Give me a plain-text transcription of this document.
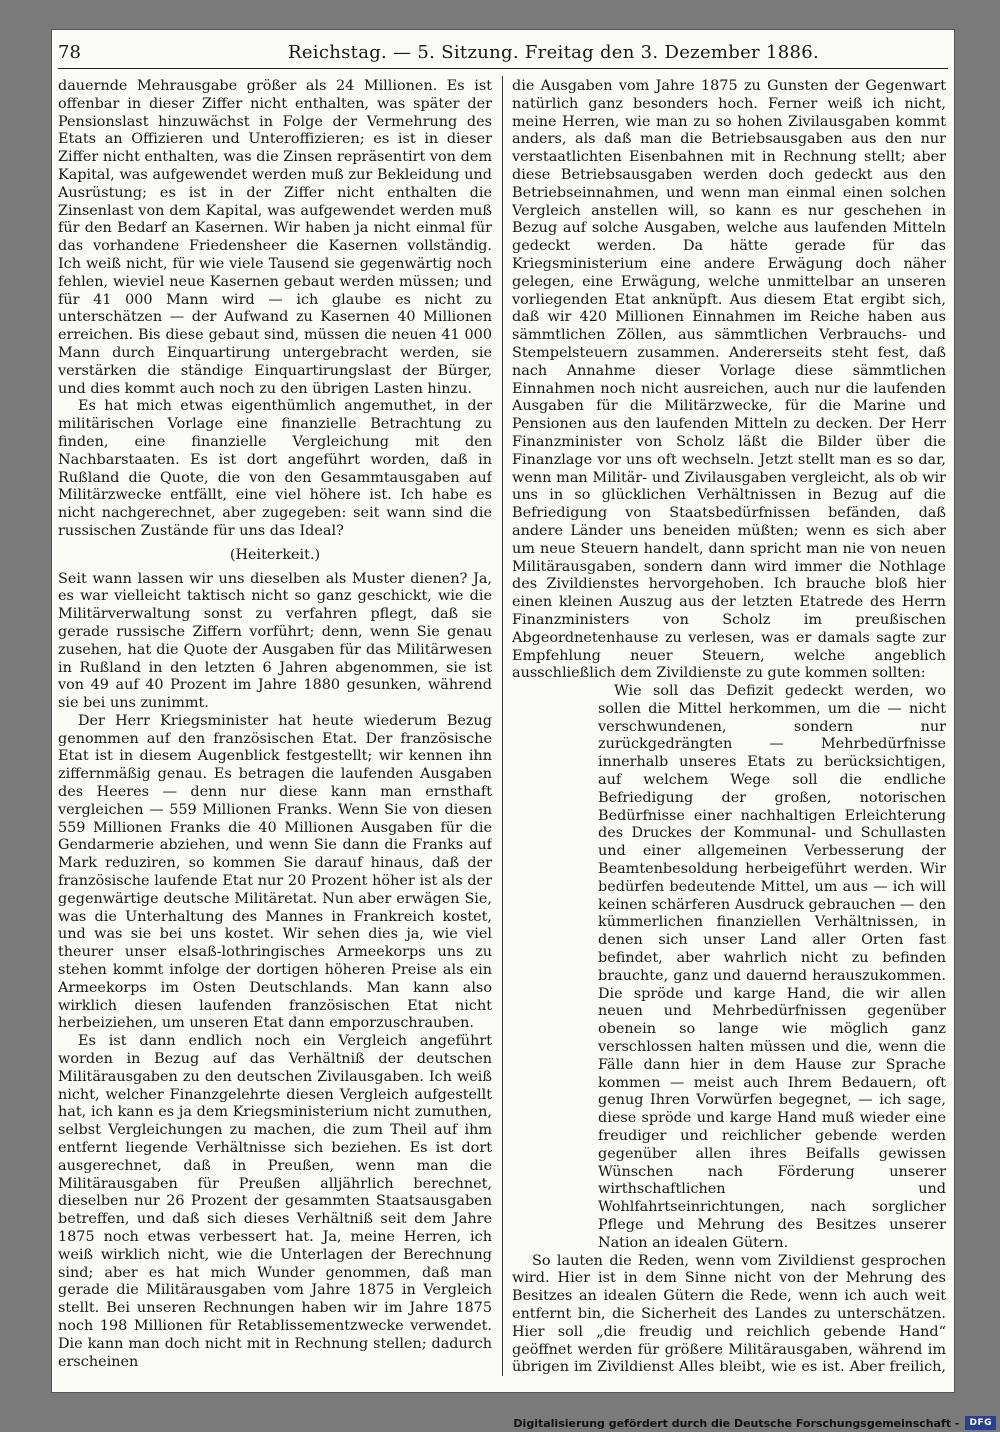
78	Reichstag. — 5. Sitzung. Freitag den 3. Dezember 1886.

dauernde Mehrausgabe größer als 24 Millionen. Es ist offenbar in dieser Ziffer nicht enthalten, was später der Pensionslast hinzuwächst in Folge der Vermehrung des Etats an Offizieren und Unteroffizieren; es ist in dieser Ziffer nicht enthalten, was die Zinsen repräsentirt von dem Kapital, was aufgewendet werden muß zur Bekleidung und Ausrüstung; es ist in der Ziffer nicht enthalten die Zinsenlast von dem Kapital, was aufgewendet werden muß für den Bedarf an Kasernen. Wir haben ja nicht einmal für das vorhandene Friedensheer die Kasernen vollständig. Ich weiß nicht, für wie viele Tausend sie gegenwärtig noch fehlen, wieviel neue Kasernen gebaut werden müssen; und für 41 000 Mann wird — ich glaube es nicht zu unterschätzen — der Aufwand zu Kasernen 40 Millionen erreichen. Bis diese gebaut sind, müssen die neuen 41 000 Mann durch Einquartirung untergebracht werden, sie verstärken die ständige Einquartirungslast der Bürger, und dies kommt auch noch zu den übrigen Lasten hinzu.

Es hat mich etwas eigenthümlich angemuthet, in der militärischen Vorlage eine finanzielle Betrachtung zu finden, eine finanzielle Vergleichung mit den Nachbarstaaten. Es ist dort angeführt worden, daß in Rußland die Quote, die von den Gesammtausgaben auf Militärzwecke entfällt, eine viel höhere ist. Ich habe es nicht nachgerechnet, aber zugegeben: seit wann sind die russischen Zustände für uns das Ideal?

(Heiterkeit.)

Seit wann lassen wir uns dieselben als Muster dienen? Ja, es war vielleicht taktisch nicht so ganz geschickt, wie die Militärverwaltung sonst zu verfahren pflegt, daß sie gerade russische Ziffern vorführt; denn, wenn Sie genau zusehen, hat die Quote der Ausgaben für das Militärwesen in Rußland in den letzten 6 Jahren abgenommen, sie ist von 49 auf 40 Prozent im Jahre 1880 gesunken, während sie bei uns zunimmt.

Der Herr Kriegsminister hat heute wiederum Bezug genommen auf den französischen Etat. Der französische Etat ist in diesem Augenblick festgestellt; wir kennen ihn ziffernmäßig genau. Es betragen die laufenden Ausgaben des Heeres — denn nur diese kann man ernsthaft vergleichen — 559 Millionen Franks. Wenn Sie von diesen 559 Millionen Franks die 40 Millionen Ausgaben für die Gendarmerie abziehen, und wenn Sie dann die Franks auf Mark reduziren, so kommen Sie darauf hinaus, daß der französische laufende Etat nur 20 Prozent höher ist als der gegenwärtige deutsche Militäretat. Nun aber erwägen Sie, was die Unterhaltung des Mannes in Frankreich kostet, und was sie bei uns kostet. Wir sehen dies ja, wie viel theurer unser elsaß-lothringisches Armeekorps uns zu stehen kommt infolge der dortigen höheren Preise als ein Armeekorps im Osten Deutschlands. Man kann also wirklich diesen laufenden französischen Etat nicht herbeiziehen, um unseren Etat dann emporzuschrauben.

Es ist dann endlich noch ein Vergleich angeführt worden in Bezug auf das Verhältniß der deutschen Militärausgaben zu den deutschen Zivilausgaben. Ich weiß nicht, welcher Finanzgelehrte diesen Vergleich aufgestellt hat, ich kann es ja dem Kriegsministerium nicht zumuthen, selbst Vergleichungen zu machen, die zum Theil auf ihm entfernt liegende Verhältnisse sich beziehen. Es ist dort ausgerechnet, daß in Preußen, wenn man die Militärausgaben für Preußen alljährlich berechnet, dieselben nur 26 Prozent der gesammten Staatsausgaben betreffen, und daß sich dieses Verhältniß seit dem Jahre 1875 noch etwas verbessert hat. Ja, meine Herren, ich weiß wirklich nicht, wie die Unterlagen der Berechnung sind; aber es hat mich Wunder genommen, daß man gerade die Militärausgaben vom Jahre 1875 in Vergleich stellt. Bei unseren Rechnungen haben wir im Jahre 1875 noch 198 Millionen für Retablissementzwecke verwendet. Die kann man doch nicht mit in Rechnung stellen; dadurch erscheinen

die Ausgaben vom Jahre 1875 zu Gunsten der Gegenwart natürlich ganz besonders hoch. Ferner weiß ich nicht, meine Herren, wie man zu so hohen Zivilausgaben kommt anders, als daß man die Betriebsausgaben aus den nur verstaatlichten Eisenbahnen mit in Rechnung stellt; aber diese Betriebsausgaben werden doch gedeckt aus den Betriebseinnahmen, und wenn man einmal einen solchen Vergleich anstellen will, so kann es nur geschehen in Bezug auf solche Ausgaben, welche aus laufenden Mitteln gedeckt werden. Da hätte gerade für das Kriegsministerium eine andere Erwägung doch näher gelegen, eine Erwägung, welche unmittelbar an unseren vorliegenden Etat anknüpft. Aus diesem Etat ergibt sich, daß wir 420 Millionen Einnahmen im Reiche haben aus sämmtlichen Zöllen, aus sämmtlichen Verbrauchs- und Stempelsteuern zusammen. Andererseits steht fest, daß nach Annahme dieser Vorlage diese sämmtlichen Einnahmen noch nicht ausreichen, auch nur die laufenden Ausgaben für die Militärzwecke, für die Marine und Pensionen aus den laufenden Mitteln zu decken. Der Herr Finanzminister von Scholz läßt die Bilder über die Finanzlage vor uns oft wechseln. Jetzt stellt man es so dar, wenn man Militär- und Zivilausgaben vergleicht, als ob wir uns in so glücklichen Verhältnissen in Bezug auf die Befriedigung von Staatsbedürfnissen befänden, daß andere Länder uns beneiden müßten; wenn es sich aber um neue Steuern handelt, dann spricht man nie von neuen Militärausgaben, sondern dann wird immer die Nothlage des Zivildienstes hervorgehoben. Ich brauche bloß hier einen kleinen Auszug aus der letzten Etatrede des Herrn Finanzministers von Scholz im preußischen Abgeordnetenhause zu verlesen, was er damals sagte zur Empfehlung neuer Steuern, welche angeblich ausschließlich dem Zivildienste zu gute kommen sollten:

Wie soll das Defizit gedeckt werden, wo sollen die Mittel herkommen, um die — nicht verschwundenen, sondern nur zurückgedrängten — Mehrbedürfnisse innerhalb unseres Etats zu berücksichtigen, auf welchem Wege soll die endliche Befriedigung der großen, notorischen Bedürfnisse einer nachhaltigen Erleichterung des Druckes der Kommunal- und Schullasten und einer allgemeinen Verbesserung der Beamtenbesoldung herbeigeführt werden. Wir bedürfen bedeutende Mittel, um aus — ich will keinen schärferen Ausdruck gebrauchen — den kümmerlichen finanziellen Verhältnissen, in denen sich unser Land aller Orten fast befindet, aber wahrlich nicht zu befinden brauchte, ganz und dauernd herauszukommen. Die spröde und karge Hand, die wir allen neuen und Mehrbedürfnissen gegenüber obenein so lange wie möglich ganz verschlossen halten müssen und die, wenn die Fälle dann hier in dem Hause zur Sprache kommen — meist auch Ihrem Bedauern, oft genug Ihren Vorwürfen begegnet, — ich sage, diese spröde und karge Hand muß wieder eine freudiger und reichlicher gebende werden gegenüber allen ihres Beifalls gewissen Wünschen nach Förderung unserer wirthschaftlichen und Wohlfahrtseinrichtungen, nach sorglicher Pflege und Mehrung des Besitzes unserer Nation an idealen Gütern.

So lauten die Reden, wenn vom Zivildienst gesprochen wird. Hier ist in dem Sinne nicht von der Mehrung des Besitzes an idealen Gütern die Rede, wenn ich auch weit entfernt bin, die Sicherheit des Landes zu unterschätzen. Hier soll „die freudig und reichlich gebende Hand“ geöffnet werden für größere Militärausgaben, während im übrigen im Zivildienst Alles bleibt, wie es ist. Aber freilich,

Digitalisierung gefördert durch die Deutsche Forschungsgemeinschaft -	DFG
